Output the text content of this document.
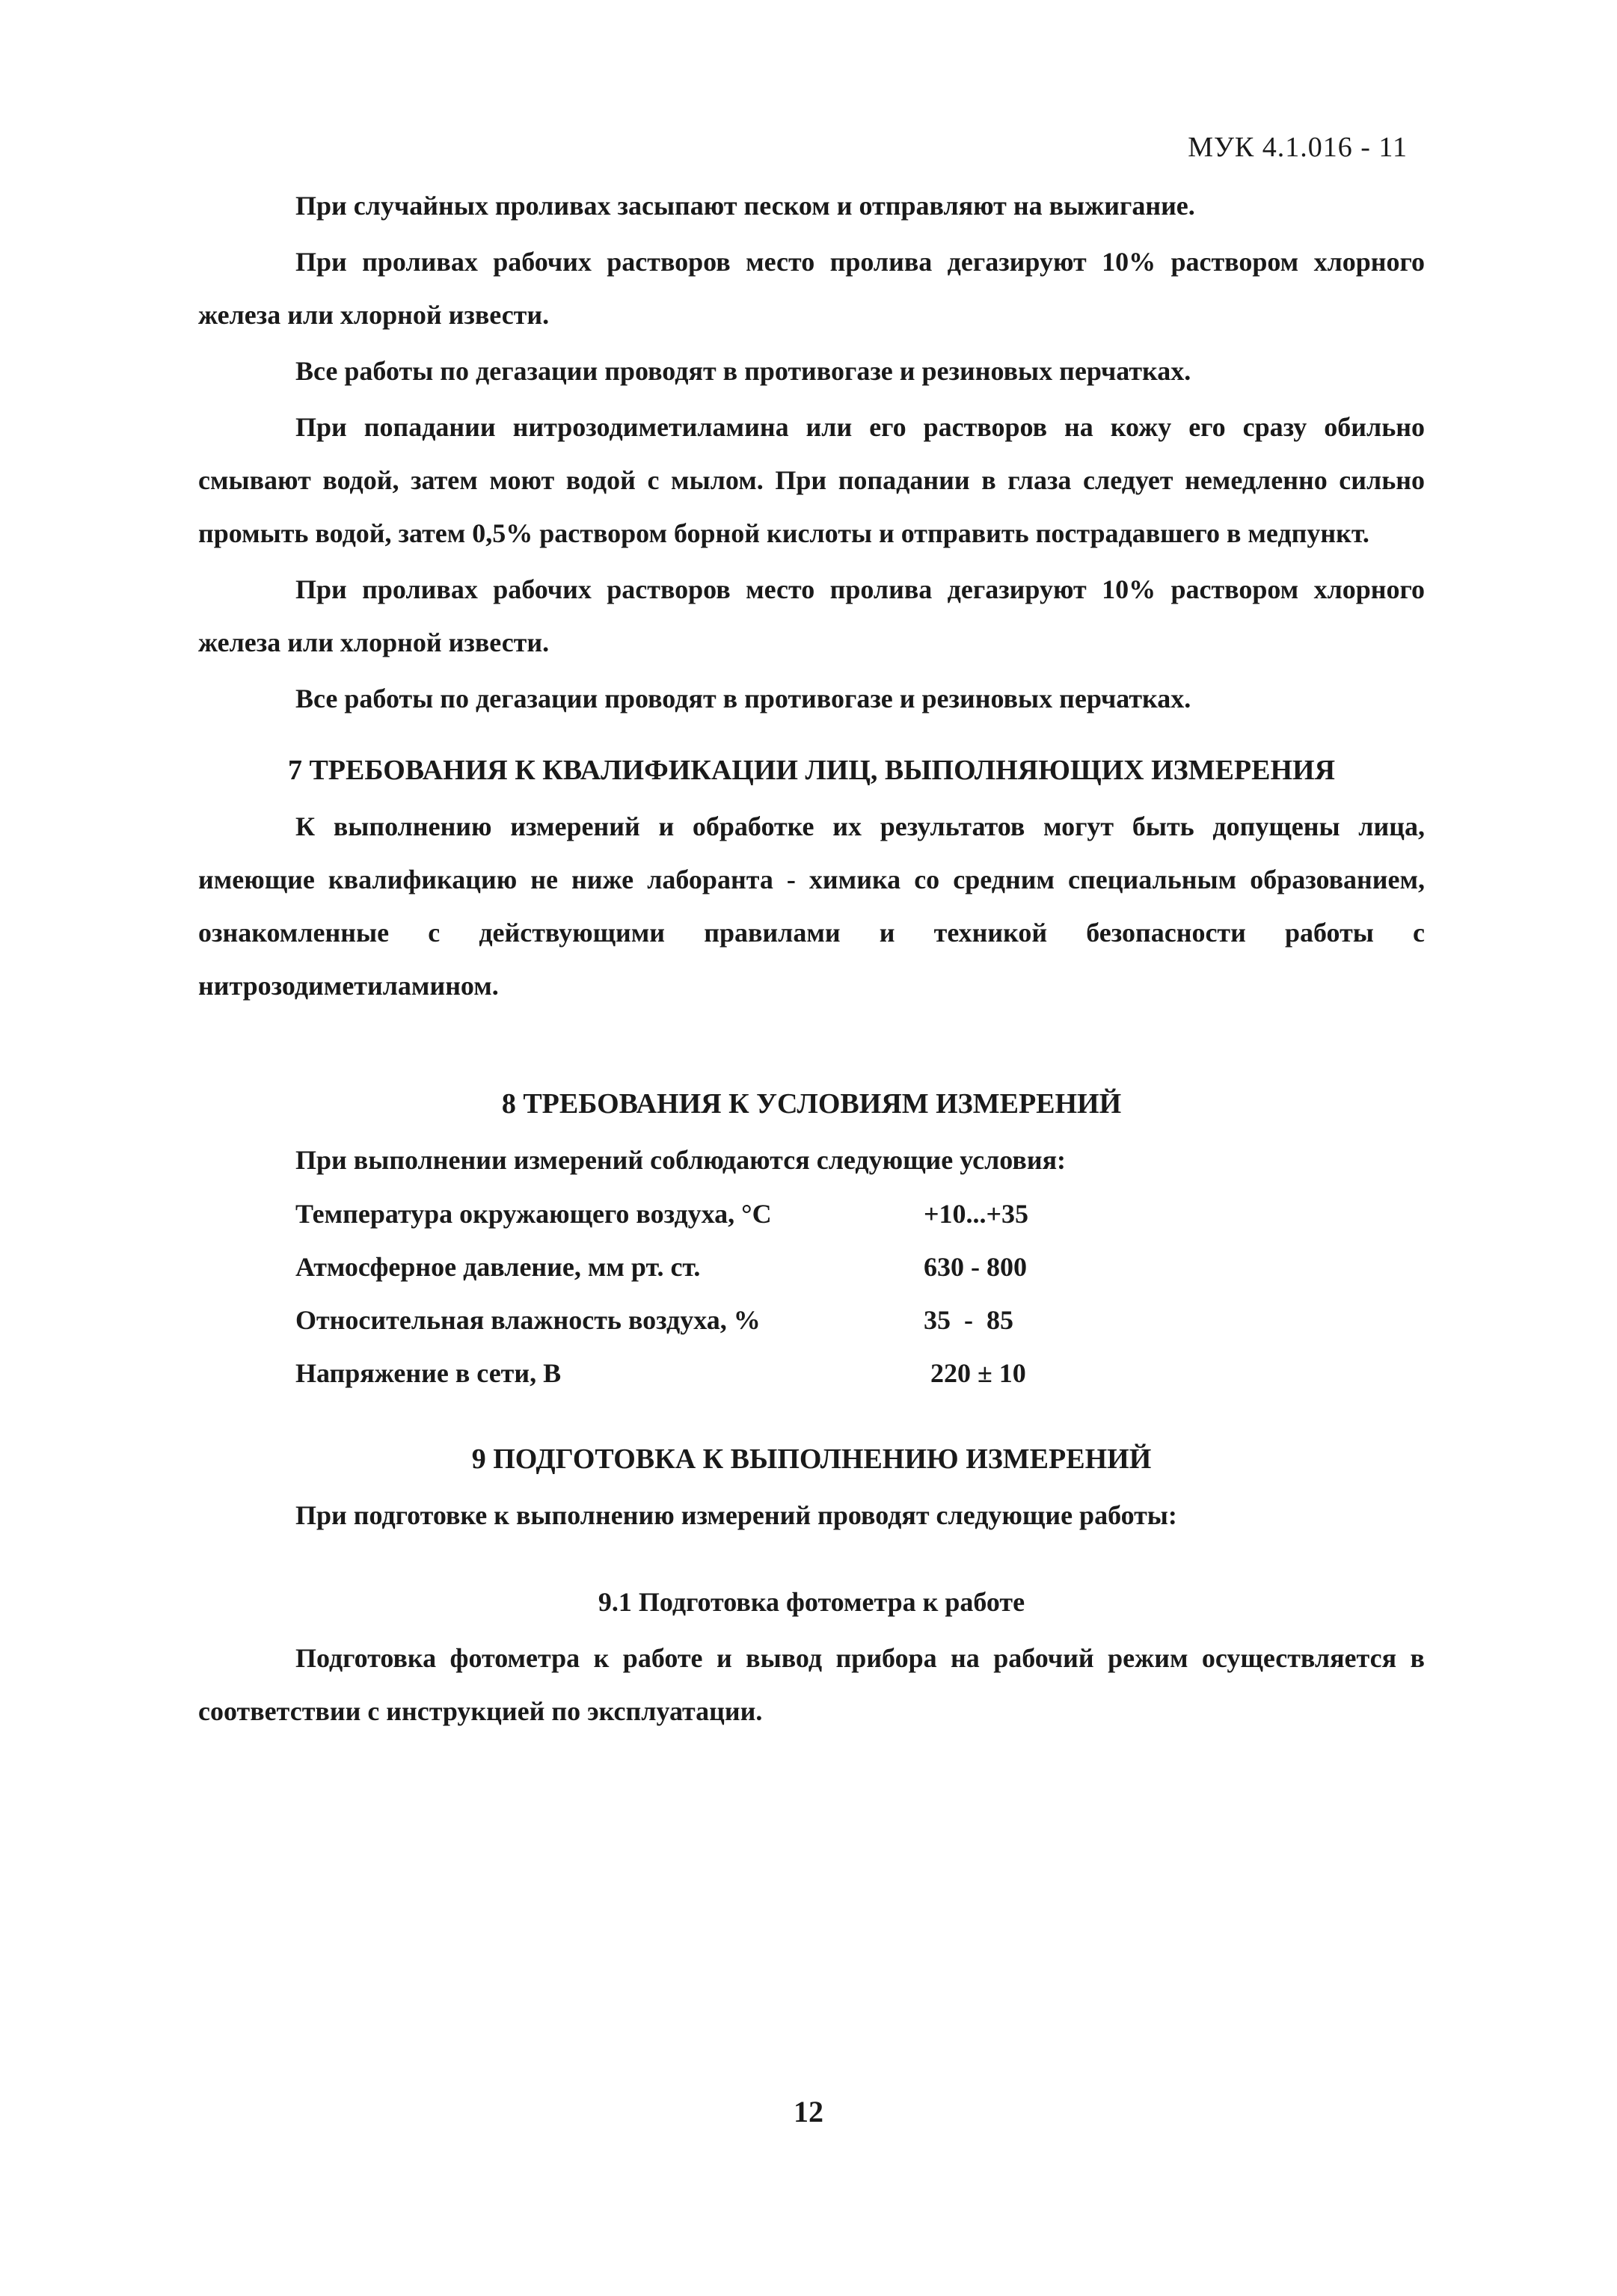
МУК 4.1.016 - 11

При случайных проливах засыпают песком и отправляют на выжигание.

При проливах рабочих растворов место пролива дегазируют 10% раствором хлорного железа или хлорной извести.

Все работы по дегазации проводят в противогазе и резиновых перчатках.

При попадании нитрозодиметиламина или его растворов на кожу его сразу обильно смывают водой, затем моют водой с мылом. При попадании в глаза следует немедленно сильно промыть водой, затем 0,5% раствором борной кислоты и отправить пострадавшего в медпункт.

При проливах рабочих растворов место пролива дегазируют 10% раствором хлорного железа или хлорной извести.

Все работы по дегазации проводят в противогазе и резиновых перчатках.

7 ТРЕБОВАНИЯ К КВАЛИФИКАЦИИ ЛИЦ, ВЫПОЛНЯЮЩИХ ИЗМЕРЕНИЯ

К выполнению измерений и обработке их результатов могут быть допущены лица, имеющие квалификацию не ниже лаборанта - химика со средним специальным образованием, ознакомленные с действующими правилами и техникой безопасности работы с нитрозодиметиламином.

8 ТРЕБОВАНИЯ К УСЛОВИЯМ ИЗМЕРЕНИЙ

При выполнении измерений соблюдаются следующие условия:

Температура окружающего воздуха, °С	+10...+35
Атмосферное давление, мм рт. ст.	630 - 800
Относительная влажность воздуха, %	35  -  85
Напряжение в сети, В	220 ± 10
9 ПОДГОТОВКА К ВЫПОЛНЕНИЮ ИЗМЕРЕНИЙ

При подготовке к выполнению измерений проводят следующие работы:

9.1 Подготовка фотометра к работе

Подготовка фотометра к работе и вывод прибора на рабочий режим осуществляется в соответствии с инструкцией по эксплуатации.

12
